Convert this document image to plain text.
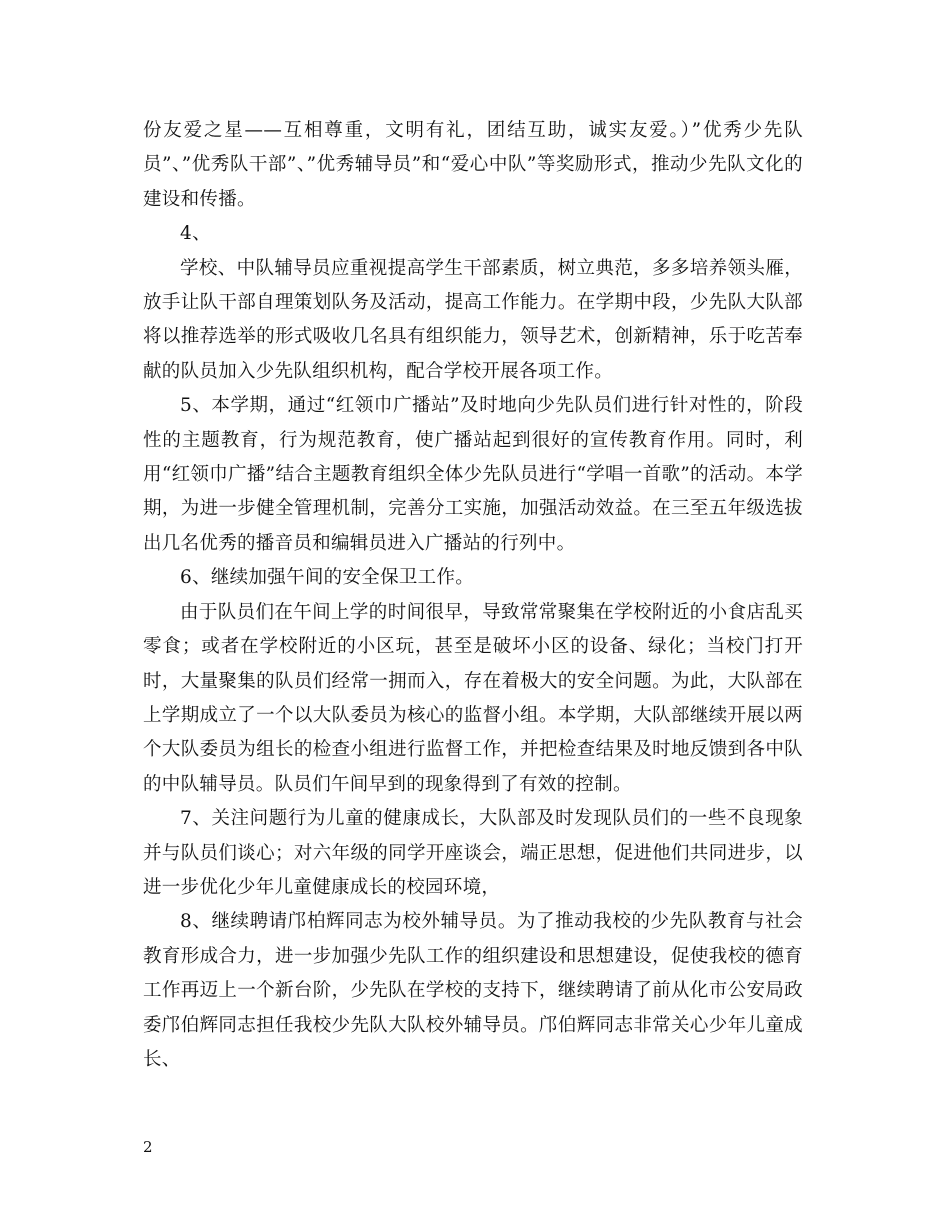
份友爱之星——互相尊重，文明有礼，团结互助，诚实友爱。）”优秀少先队员”、”优秀队干部”、”优秀辅导员”和“爱心中队”等奖励形式，推动少先队文化的建设和传播。

4、

学校、中队辅导员应重视提高学生干部素质，树立典范，多多培养领头雁，放手让队干部自理策划队务及活动，提高工作能力。在学期中段，少先队大队部将以推荐选举的形式吸收几名具有组织能力，领导艺术，创新精神，乐于吃苦奉献的队员加入少先队组织机构，配合学校开展各项工作。

5、本学期，通过“红领巾广播站”及时地向少先队员们进行针对性的，阶段性的主题教育，行为规范教育，使广播站起到很好的宣传教育作用。同时，利用“红领巾广播”结合主题教育组织全体少先队员进行“学唱一首歌”的活动。本学期，为进一步健全管理机制，完善分工实施，加强活动效益。在三至五年级选拔出几名优秀的播音员和编辑员进入广播站的行列中。

6、继续加强午间的安全保卫工作。

由于队员们在午间上学的时间很早，导致常常聚集在学校附近的小食店乱买零食；或者在学校附近的小区玩，甚至是破坏小区的设备、绿化；当校门打开时，大量聚集的队员们经常一拥而入，存在着极大的安全问题。为此，大队部在上学期成立了一个以大队委员为核心的监督小组。本学期，大队部继续开展以两个大队委员为组长的检查小组进行监督工作，并把检查结果及时地反馈到各中队的中队辅导员。队员们午间早到的现象得到了有效的控制。

7、关注问题行为儿童的健康成长，大队部及时发现队员们的一些不良现象并与队员们谈心；对六年级的同学开座谈会，端正思想，促进他们共同进步，以进一步优化少年儿童健康成长的校园环境，

8、继续聘请邝柏辉同志为校外辅导员。为了推动我校的少先队教育与社会教育形成合力，进一步加强少先队工作的组织建设和思想建设，促使我校的德育工作再迈上一个新台阶，少先队在学校的支持下，继续聘请了前从化市公安局政委邝伯辉同志担任我校少先队大队校外辅导员。邝伯辉同志非常关心少年儿童成长、

2
